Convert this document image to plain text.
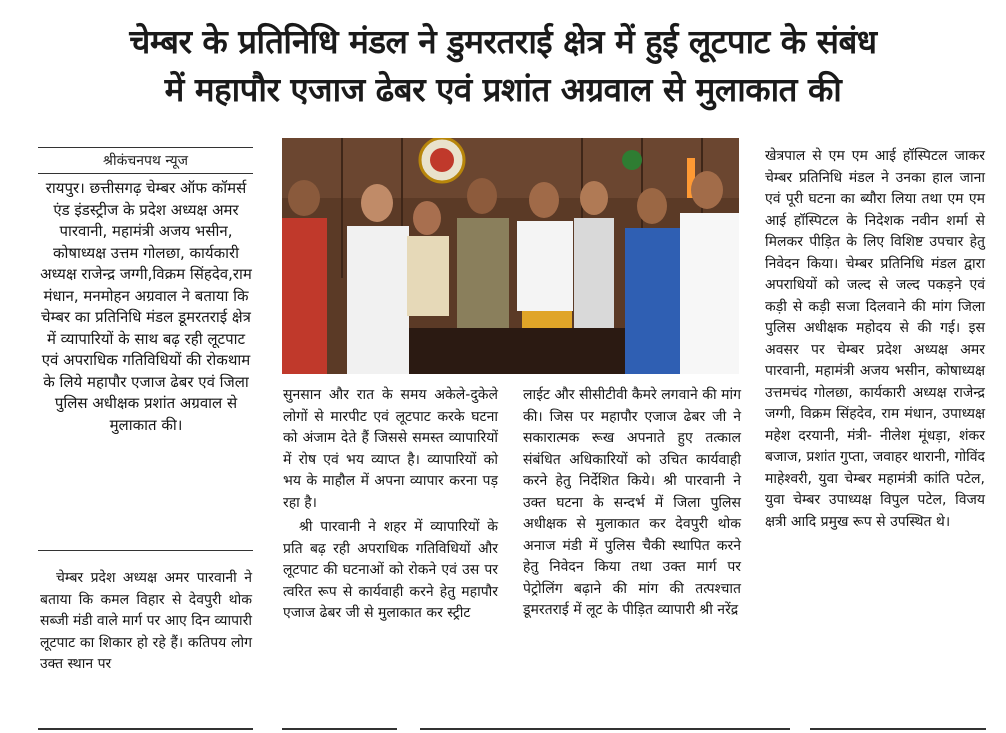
चेम्बर के प्रतिनिधि मंडल ने डुमरतराई क्षेत्र में हुई लूटपाट के संबंध
में महापौर एजाज ढेबर एवं प्रशांत अग्रवाल से मुलाकात की
श्रीकंचनपथ न्यूज
रायपुर। छत्तीसगढ़ चेम्बर ऑफ कॉमर्स एंड इंडस्ट्रीज के प्रदेश अध्यक्ष अमर पारवानी, महामंत्री अजय भसीन, कोषाध्यक्ष उत्तम गोलछा, कार्यकारी अध्यक्ष राजेन्द्र जग्गी,विक्रम सिंहदेव,राम मंधान, मनमोहन अग्रवाल ने बताया कि चेम्बर का प्रतिनिधि मंडल डूमरतराई क्षेत्र में व्यापारियों के साथ बढ़ रही लूटपाट एवं अपराधिक गतिविधियों की रोकथाम के लिये महापौर एजाज ढेबर एवं जिला पुलिस अधीक्षक प्रशांत अग्रवाल से मुलाकात की।

चेम्बर प्रदेश अध्यक्ष अमर पारवानी ने बताया कि कमल विहार से देवपुरी थोक सब्जी मंडी वाले मार्ग पर आए दिन व्यापारी लूटपाट का शिकार हो रहे हैं। कतिपय लोग उक्त स्थान पर

सुनसान और रात के समय अकेले-दुकेले लोगों से मारपीट एवं लूटपाट करके घटना को अंजाम देते हैं जिससे समस्त व्यापारियों में रोष एवं भय व्याप्त है। व्यापारियों को भय के माहौल में अपना व्यापार करना पड़ रहा है।

श्री पारवानी ने शहर में व्यापारियों के प्रति बढ़ रही अपराधिक गतिविधियों और लूटपाट की घटनाओं को रोकने एवं उस पर त्वरित रूप से कार्यवाही करने हेतु महापौर एजाज ढेबर जी से मुलाकात कर स्ट्रीट

लाईट और सीसीटीवी कैमरे लगवाने की मांग की। जिस पर महापौर एजाज ढेबर जी ने सकारात्मक रूख अपनाते हुए तत्काल संबंधित अधिकारियों को उचित कार्यवाही करने हेतु निर्देशित किये। श्री पारवानी ने उक्त घटना के सन्दर्भ में जिला पुलिस अधीक्षक से मुलाकात कर देवपुरी थोक अनाज मंडी में पुलिस चैकी स्थापित करने हेतु निवेदन किया तथा उक्त मार्ग पर पेट्रोलिंग बढ़ाने की मांग की तत्पश्चात डूमरतराई में लूट के पीड़ित व्यापारी श्री नरेंद्र

खेत्रपाल से एम एम आई हॉस्पिटल जाकर चेम्बर प्रतिनिधि मंडल ने उनका हाल जाना एवं पूरी घटना का ब्यौरा लिया तथा एम एम आई हॉस्पिटल के निदेशक नवीन शर्मा से मिलकर पीड़ित के लिए विशिष्ट उपचार हेतु निवेदन किया। चेम्बर प्रतिनिधि मंडल द्वारा अपराधियों को जल्द से जल्द पकड़ने एवं कड़ी से कड़ी सजा दिलवाने की मांग जिला पुलिस अधीक्षक महोदय से की गई। इस अवसर पर चेम्बर प्रदेश अध्यक्ष अमर पारवानी, महामंत्री अजय भसीन, कोषाध्यक्ष उत्तमचंद गोलछा, कार्यकारी अध्यक्ष राजेन्द्र जग्गी, विक्रम सिंहदेव, राम मंधान, उपाध्यक्ष महेश दरयानी, मंत्री- नीलेश मूंधड़ा, शंकर बजाज, प्रशांत गुप्ता, जवाहर थारानी, गोविंद माहेश्वरी, युवा चेम्बर महामंत्री कांति पटेल, युवा चेम्बर उपाध्यक्ष विपुल पटेल, विजय क्षत्री आदि प्रमुख रूप से उपस्थित थे।
